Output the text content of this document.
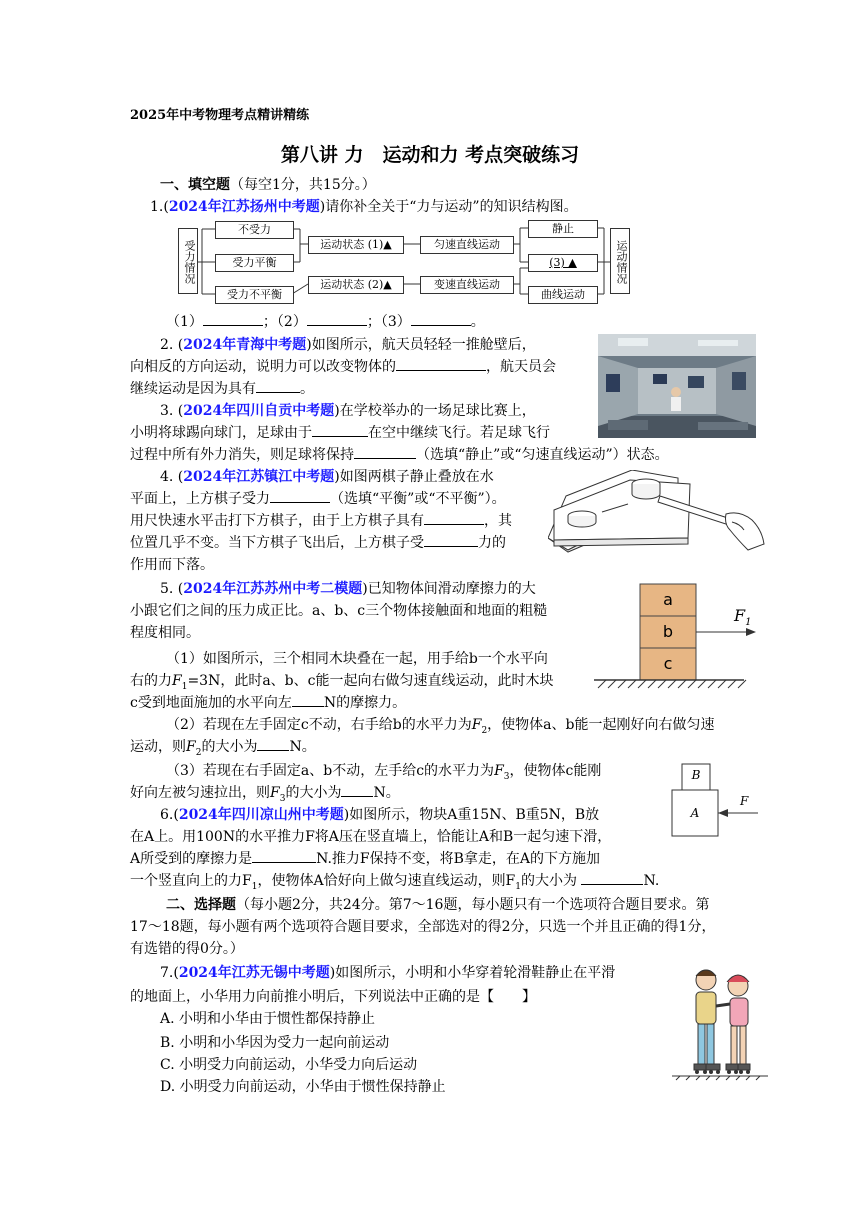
2025年中考物理考点精讲精练
第八讲 力　运动和力 考点突破练习
一、填空题（每空1分，共15分。）
1.(2024年江苏扬州中考题)请你补全关于“力与运动”的知识结构图。
受力情况
不受力
受力平衡
受力不平衡
运动状态 (1)▲
运动状态 (2)▲
匀速直线运动
变速直线运动
静止
(3) ▲
曲线运动
运动情况
（1）	；（2）	；（3）	。
2. (2024年青海中考题)如图所示，航天员轻轻一推舱壁后，
向相反的方向运动，说明力可以改变物体的	，航天员会
继续运动是因为具有	。
3. (2024年四川自贡中考题)在学校举办的一场足球比赛上，
小明将球踢向球门，足球由于	在空中继续飞行。若足球飞行
过程中所有外力消失，则足球将保持	（选填“静止”或“匀速直线运动”）状态。
4. (2024年江苏镇江中考题)如图两棋子静止叠放在水
平面上，上方棋子受力	（选填“平衡”或“不平衡”）。
用尺快速水平击打下方棋子，由于上方棋子具有	，其
位置几乎不变。当下方棋子飞出后，上方棋子受	力的
作用而下落。
5. (2024年江苏苏州中考二模题)已知物体间滑动摩擦力的大
小跟它们之间的压力成正比。a、b、c三个物体接触面和地面的粗糙
程度相同。
（1）如图所示，三个相同木块叠在一起，用手给b一个水平向
右的力$F_1=3N$，此时a、b、c能一起向右做匀速直线运动，此时木块
c受到地面施加的水平向左 N的摩擦力。
（2）若现在左手固定c不动，右手给b的水平力为$F_2$，使物体a、b能一起刚好向右做匀速
运动，则$F_2$的大小为 N。
（3）若现在右手固定a、b不动，左手给c的水平力为$F_3$，使物体c能刚
好向左被匀速拉出，则$F_3$的大小为 N。
a
b
c
$F_1$
6.(2024年四川凉山州中考题)如图所示，物块A重15N、B重5N，B放
在A上。用100N的水平推力F将A压在竖直墙上，恰能让A和B一起匀速下滑，
A所受到的摩擦力是	N.推力F保持不变，将B拿走，在A的下方施加
一个竖直向上的力$F_1$，使物体A恰好向上做匀速直线运动，则$F_1$的大小为	N.
B
A
F
二、选择题（每小题2分，共24分。第7～16题，每小题只有一个选项符合题目要求。第
17～18题，每小题有两个选项符合题目要求，全部选对的得2分，只选一个并且正确的得1分，
有选错的得0分。）
7.(2024年江苏无锡中考题)如图所示，小明和小华穿着轮滑鞋静止在平滑
的地面上，小华用力向前推小明后，下列说法中正确的是【　　】
A. 小明和小华由于惯性都保持静止
B. 小明和小华因为受力一起向前运动
C. 小明受力向前运动，小华受力向后运动
D. 小明受力向前运动，小华由于惯性保持静止
